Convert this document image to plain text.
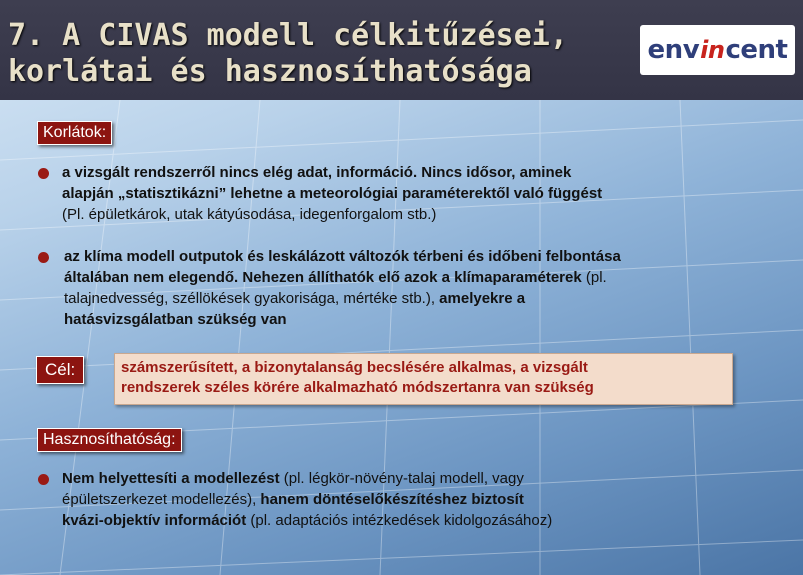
7. A CIVAS modell célkitűzései,
korlátai és hasznosíthatósága
env in cent
Korlátok:
a vizsgált rendszerről nincs elég adat, információ. Nincs idősor, aminek
alapján „statisztikázni” lehetne a meteorológiai paraméterektől való függést
(Pl. épületkárok, utak kátyúsodása, idegenforgalom stb.)
az klíma modell outputok és leskálázott változók térbeni és időbeni felbontása
általában nem elegendő. Nehezen állíthatók elő azok a klímaparaméterek (pl.
talajnedvesség, széllökések gyakorisága, mértéke stb.), amelyekre a
hatásvizsgálatban szükség van
Cél:	számszerűsített, a bizonytalanság becslésére alkalmas, a vizsgált
rendszerek széles körére alkalmazható módszertanra van szükség
Hasznosíthatóság:
Nem helyettesíti a modellezést (pl. légkör-növény-talaj modell, vagy
épületszerkezet modellezés), hanem döntéselőkészítéshez biztosít
kvázi-objektív információt (pl. adaptációs intézkedések kidolgozásához)
